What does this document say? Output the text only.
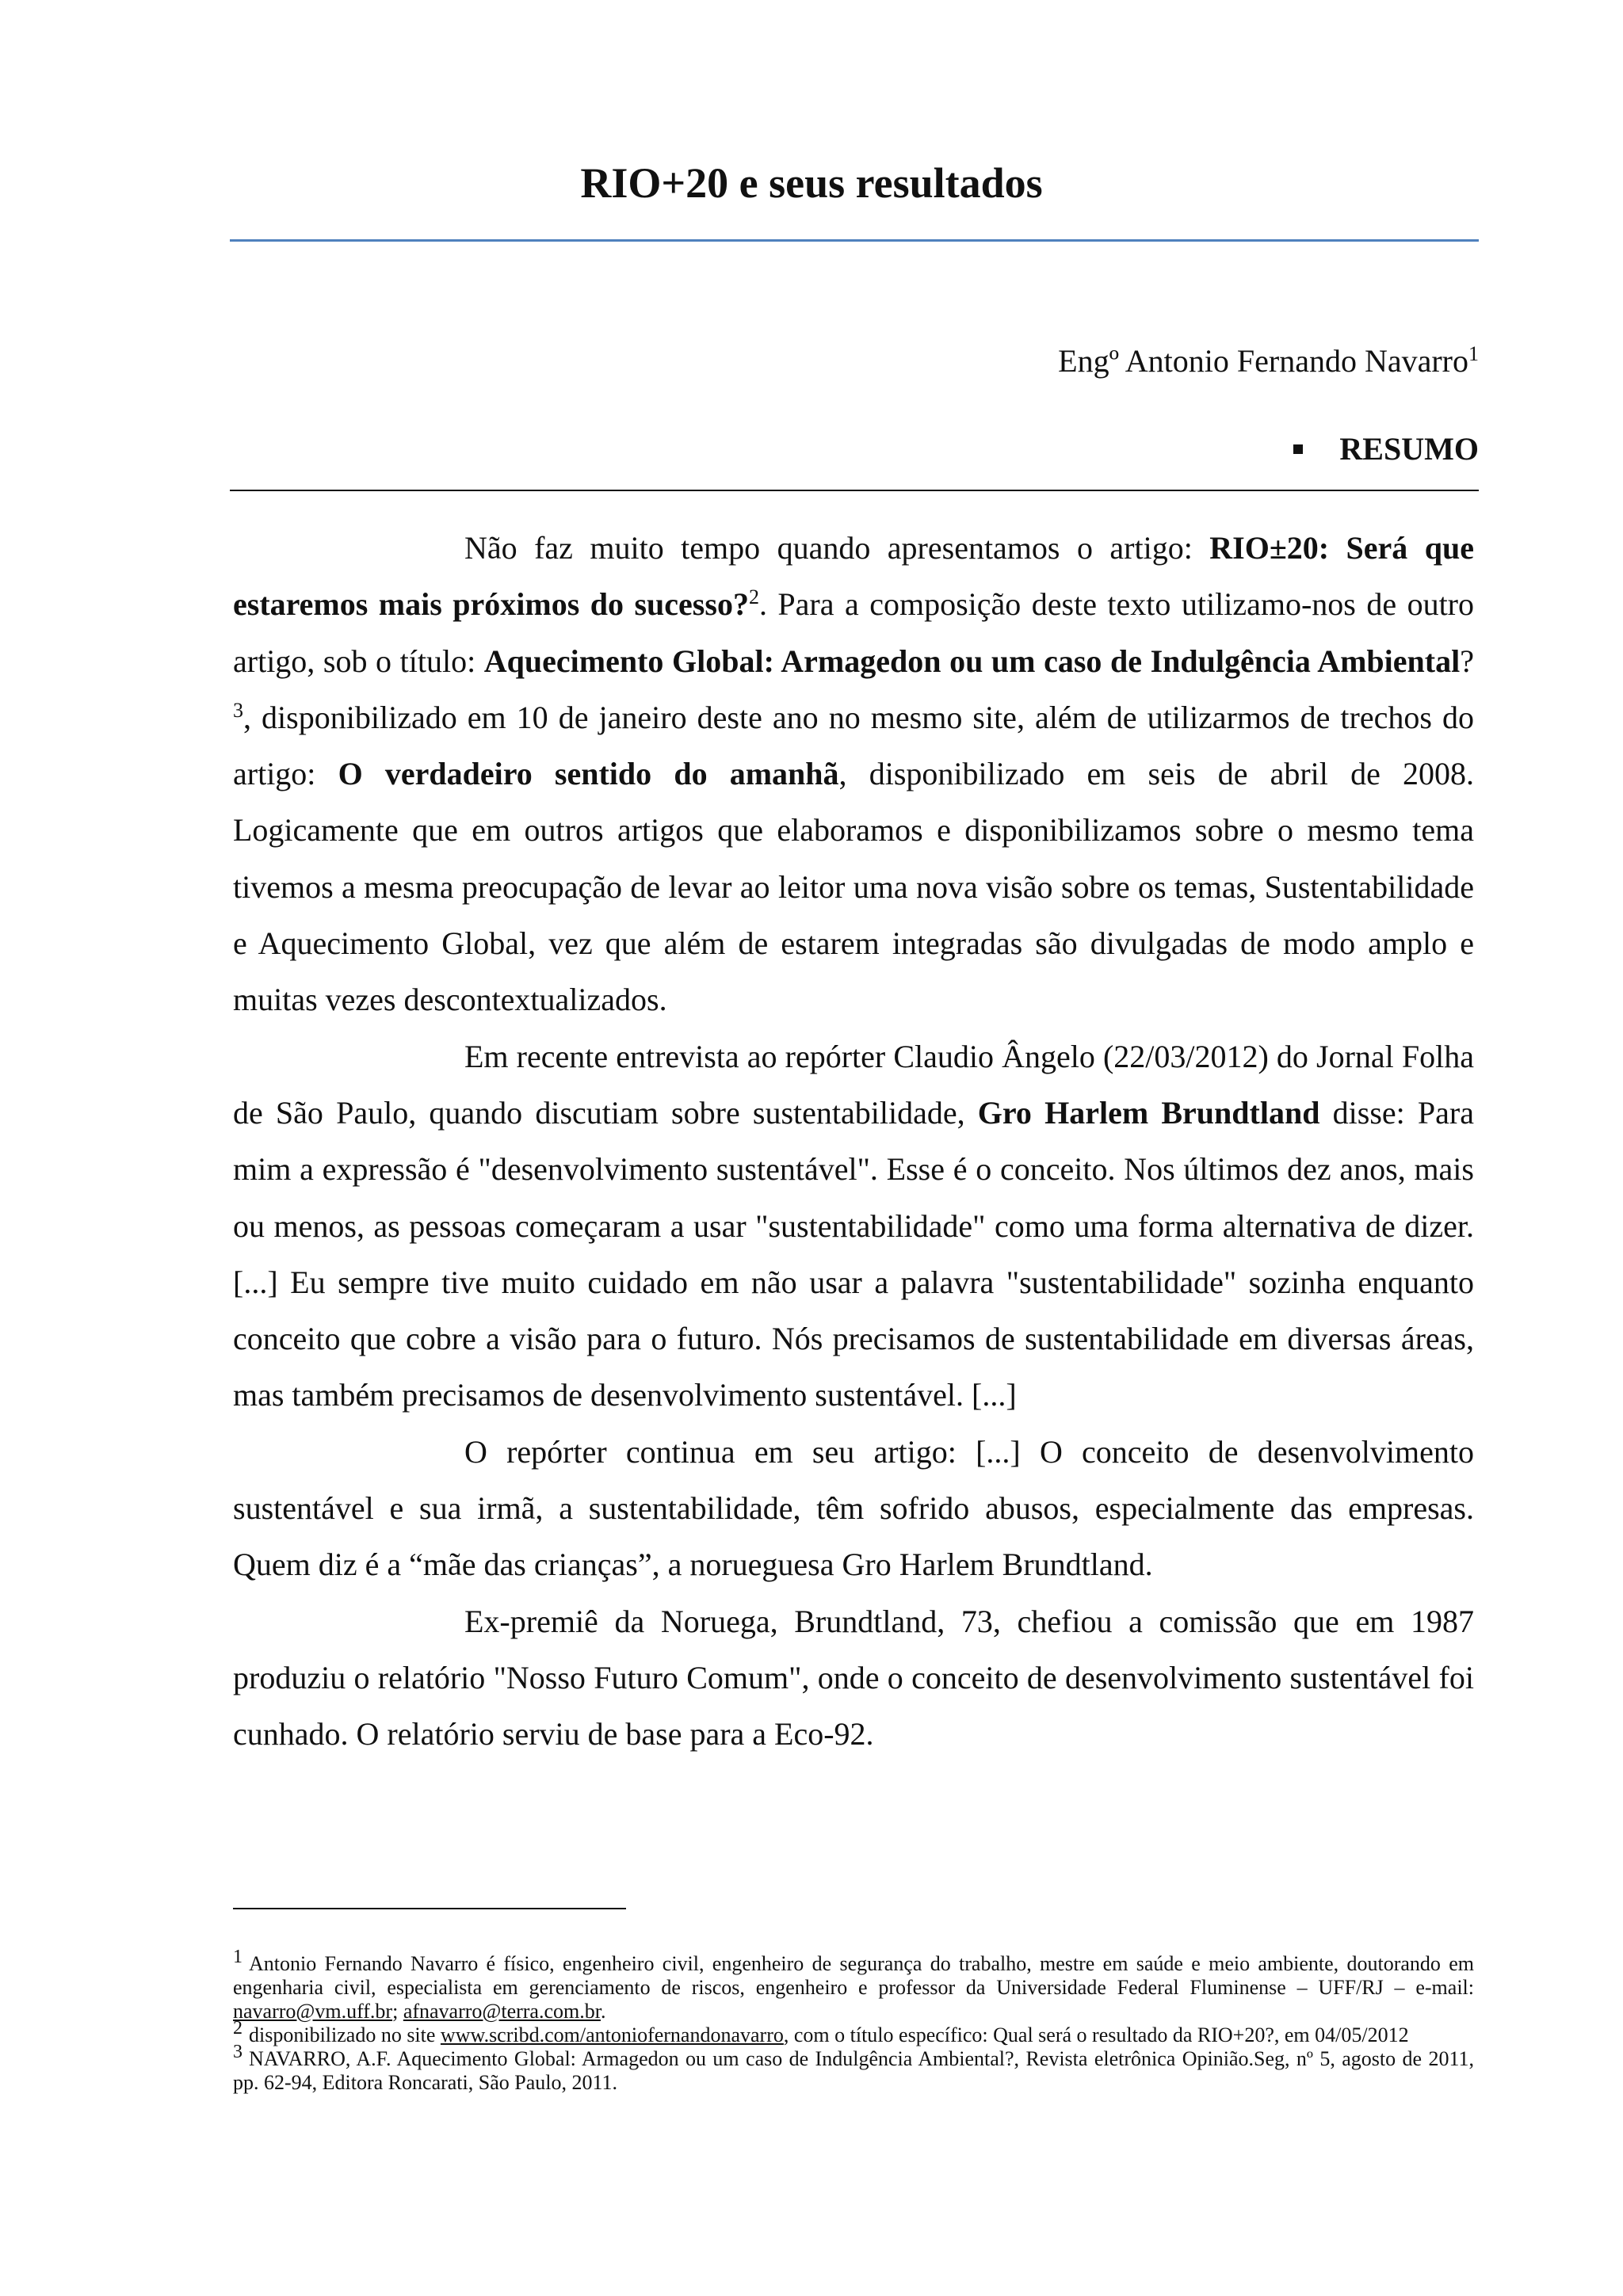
RIO+20 e seus resultados
Engº Antonio Fernando Navarro$^1$
RESUMO

Não faz muito tempo quando apresentamos o artigo: RIO±20: Será que estaremos mais próximos do sucesso?$^2$. Para a composição deste texto utilizamo-nos de outro artigo, sob o título: Aquecimento Global: Armagedon ou um caso de Indulgência Ambiental?$^3$, disponibilizado em 10 de janeiro deste ano no mesmo site, além de utilizarmos de trechos do artigo: O verdadeiro sentido do amanhã, disponibilizado em seis de abril de 2008. Logicamente que em outros artigos que elaboramos e disponibilizamos sobre o mesmo tema tivemos a mesma preocupação de levar ao leitor uma nova visão sobre os temas, Sustentabilidade e Aquecimento Global, vez que além de estarem integradas são divulgadas de modo amplo e muitas vezes descontextualizados.

Em recente entrevista ao repórter Claudio Ângelo (22/03/2012) do Jornal Folha de São Paulo, quando discutiam sobre sustentabilidade, Gro Harlem Brundtland disse: Para mim a expressão é "desenvolvimento sustentável". Esse é o conceito. Nos últimos dez anos, mais ou menos, as pessoas começaram a usar "sustentabilidade" como uma forma alternativa de dizer. [...] Eu sempre tive muito cuidado em não usar a palavra "sustentabilidade" sozinha enquanto conceito que cobre a visão para o futuro. Nós precisamos de sustentabilidade em diversas áreas, mas também precisamos de desenvolvimento sustentável. [...]

O repórter continua em seu artigo: [...] O conceito de desenvolvimento sustentável e sua irmã, a sustentabilidade, têm sofrido abusos, especialmente das empresas. Quem diz é a “mãe das crianças”, a norueguesa Gro Harlem Brundtland.

Ex-premiê da Noruega, Brundtland, 73, chefiou a comissão que em 1987 produziu o relatório "Nosso Futuro Comum", onde o conceito de desenvolvimento sustentável foi cunhado. O relatório serviu de base para a Eco-92.

$^1$ Antonio Fernando Navarro é físico, engenheiro civil, engenheiro de segurança do trabalho, mestre em saúde e meio ambiente, doutorando em engenharia civil, especialista em gerenciamento de riscos, engenheiro e professor da Universidade Federal Fluminense – UFF/RJ – e-mail: navarro@vm.uff.br; afnavarro@terra.com.br.

$^2$ disponibilizado no site www.scribd.com/antoniofernandonavarro, com o título específico: Qual será o resultado da RIO+20?, em 04/05/2012

$^3$ NAVARRO, A.F. Aquecimento Global: Armagedon ou um caso de Indulgência Ambiental?, Revista eletrônica Opinião.Seg, nº 5, agosto de 2011, pp. 62-94, Editora Roncarati, São Paulo, 2011.
